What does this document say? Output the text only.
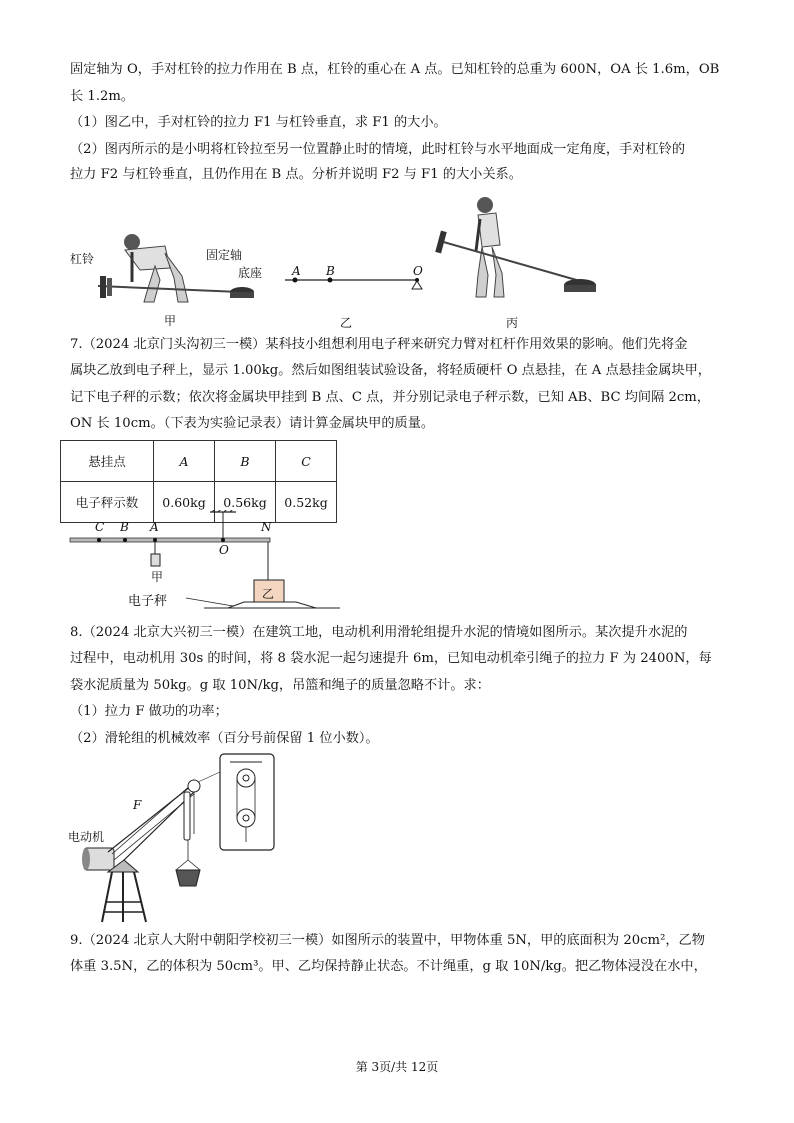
固定轴为 O，手对杠铃的拉力作用在 B 点，杠铃的重心在 A 点。已知杠铃的总重为 600N，OA 长 1.6m，OB
长 1.2m。
（1）图乙中，手对杠铃的拉力 F1 与杠铃垂直，求 F1 的大小。
（2）图丙所示的是小明将杠铃拉至另一位置静止时的情境，此时杠铃与水平地面成一定角度，手对杠铃的
拉力 F2 与杠铃垂直，且仍作用在 B 点。分析并说明 F2 与 F1 的大小关系。
杠铃	固定轴
底座 A B	O
甲	乙	丙
7.（2024 北京门头沟初三一模）某科技小组想利用电子秤来研究力臂对杠杆作用效果的影响。他们先将金
属块乙放到电子秤上，显示 1.00kg。然后如图组装试验设备，将轻质硬杆 O 点悬挂，在 A 点悬挂金属块甲，
记下电子秤的示数；依次将金属块甲挂到 B 点、C 点，并分别记录电子秤示数，已知 AB、BC 均间隔 2cm，
ON 长 10cm。（下表为实验记录表）请计算金属块甲的质量。
悬挂点	A	B	C
电子秤示数	0.60kg	0.56kg	0.52kg
C B A	N
O
甲
乙
电子秤
8.（2024 北京大兴初三一模）在建筑工地，电动机利用滑轮组提升水泥的情境如图所示。某次提升水泥的
过程中，电动机用 30s 的时间，将 8 袋水泥一起匀速提升 6m，已知电动机牵引绳子的拉力 F 为 2400N，每
袋水泥质量为 50kg。g 取 10N/kg，吊篮和绳子的质量忽略不计。求：
（1）拉力 F 做功的功率；
（2）滑轮组的机械效率（百分号前保留 1 位小数）。
F
电动机
9.（2024 北京人大附中朝阳学校初三一模）如图所示的装置中，甲物体重 5N，甲的底面积为 20cm²，乙物
体重 3.5N，乙的体积为 50cm³。甲、乙均保持静止状态。不计绳重，g 取 10N/kg。把乙物体浸没在水中，
第 3页/共 12页
